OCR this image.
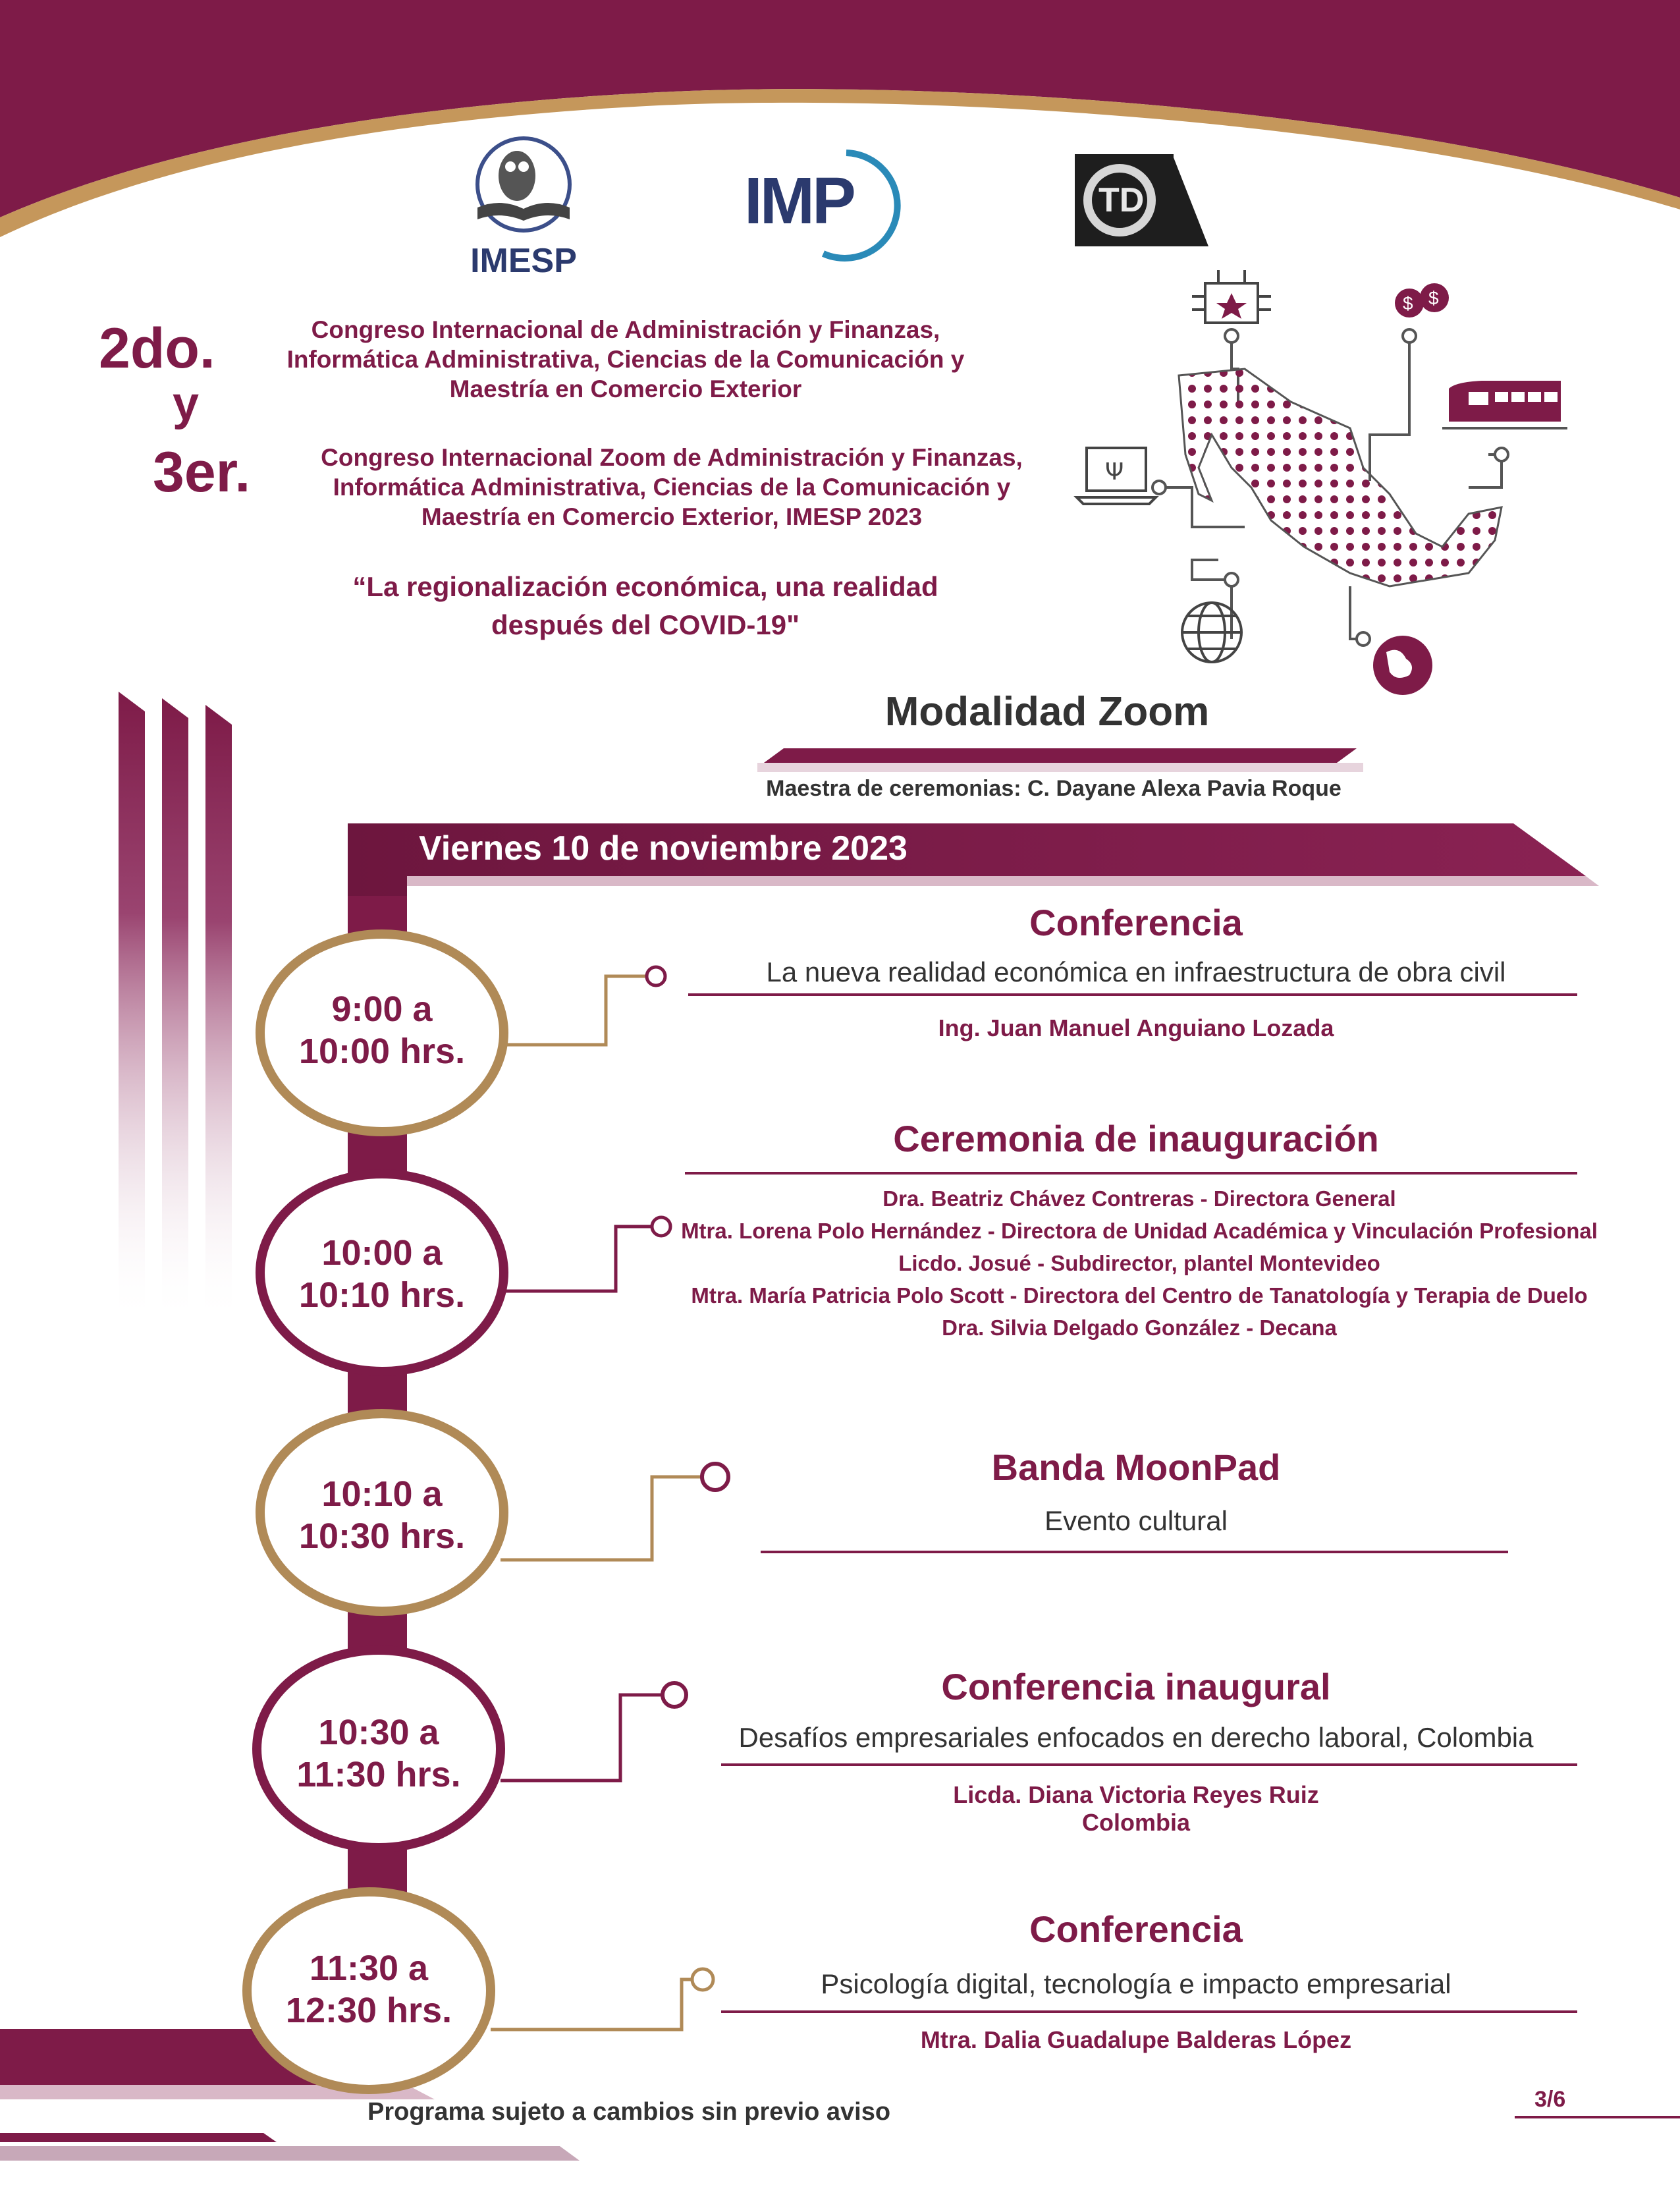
IMESP
IMP	TD
2do.
y
3er.
Congreso Internacional de Administración y Finanzas,
Informática Administrativa, Ciencias de la Comunicación y
Maestría en Comercio Exterior
Congreso Internacional Zoom de Administración y Finanzas,
Informática Administrativa, Ciencias de la Comunicación y
Maestría en Comercio Exterior, IMESP 2023
“La regionalización económica, una realidad
después del COVID-19"
$ $
Ψ
Modalidad Zoom
Maestra de ceremonias: C. Dayane Alexa Pavia Roque
Viernes 10 de noviembre 2023
9:00 a
10:00 hrs.
Conferencia
La nueva realidad económica en infraestructura de obra civil
Ing. Juan Manuel Anguiano Lozada
10:00 a
10:10 hrs.
Ceremonia de inauguración
Dra. Beatriz Chávez Contreras - Directora General
Mtra. Lorena Polo Hernández - Directora de Unidad Académica y Vinculación Profesional
Licdo. Josué - Subdirector, plantel Montevideo
Mtra. María Patricia Polo Scott - Directora del Centro de Tanatología y Terapia de Duelo
Dra. Silvia Delgado González - Decana
10:10 a
10:30 hrs.
Banda MoonPad
Evento cultural
10:30 a
11:30 hrs.
Conferencia inaugural
Desafíos empresariales enfocados en derecho laboral, Colombia
Licda. Diana Victoria Reyes Ruiz
Colombia
11:30 a
12:30 hrs.
Conferencia
Psicología digital, tecnología e impacto empresarial
Mtra. Dalia Guadalupe Balderas López
Programa sujeto a cambios sin previo aviso	3/6
